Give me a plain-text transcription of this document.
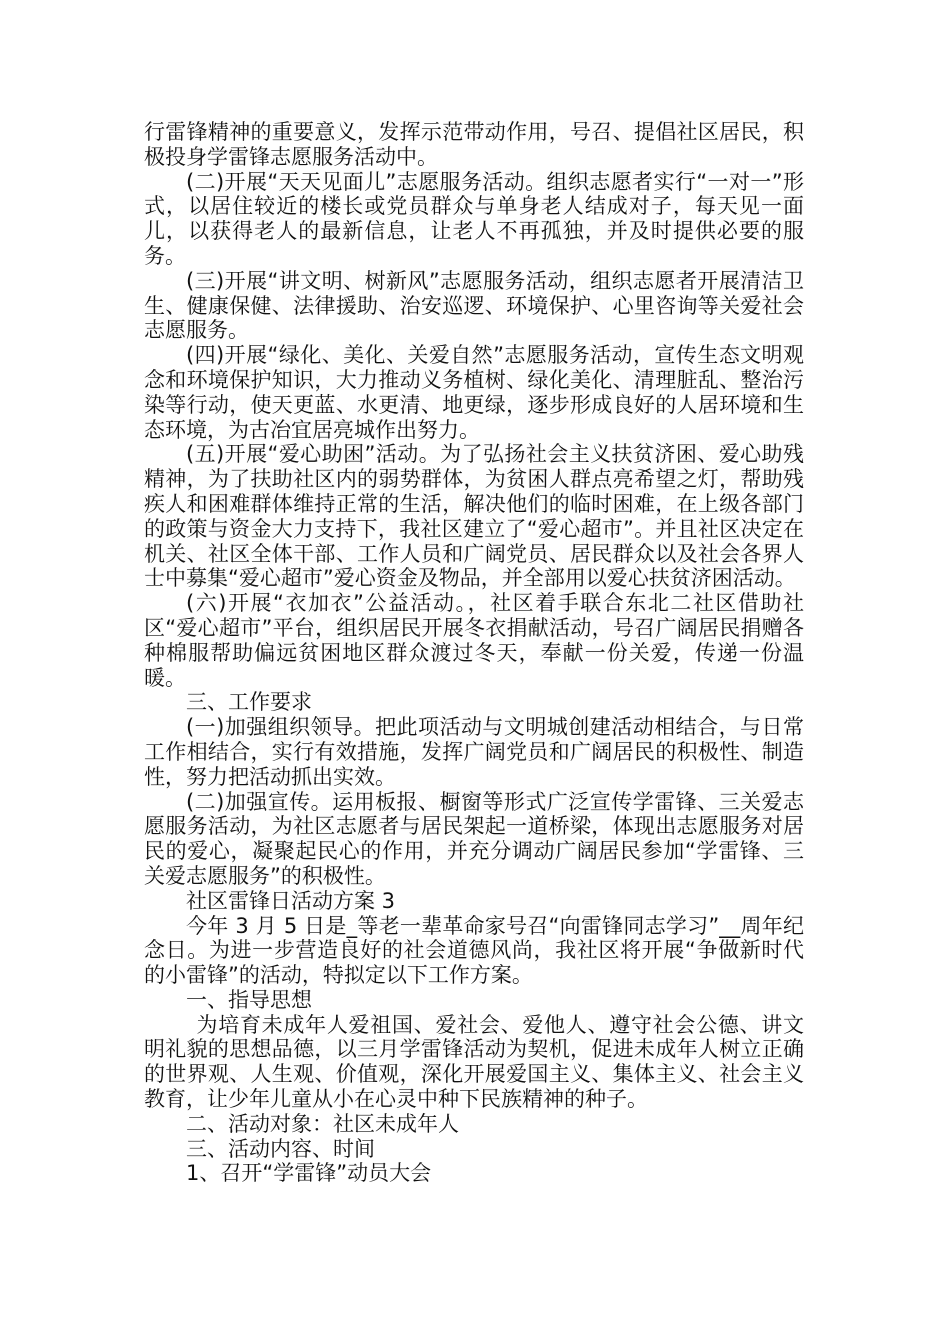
行雷锋精神的重要意义，发挥示范带动作用，号召、提倡社区居民，积极投身学雷锋志愿服务活动中。

(二)开展“天天见面儿”志愿服务活动。组织志愿者实行“一对一”形式，以居住较近的楼长或党员群众与单身老人结成对子，每天见一面儿，以获得老人的最新信息，让老人不再孤独，并及时提供必要的服务。

(三)开展“讲文明、树新风”志愿服务活动，组织志愿者开展清洁卫生、健康保健、法律援助、治安巡逻、环境保护、心里咨询等关爱社会志愿服务。

(四)开展“绿化、美化、关爱自然”志愿服务活动，宣传生态文明观念和环境保护知识，大力推动义务植树、绿化美化、清理脏乱、整治污染等行动，使天更蓝、水更清、地更绿，逐步形成良好的人居环境和生态环境，为古冶宜居亮城作出努力。

(五)开展“爱心助困”活动。为了弘扬社会主义扶贫济困、爱心助残精神，为了扶助社区内的弱势群体，为贫困人群点亮希望之灯，帮助残疾人和困难群体维持正常的生活，解决他们的临时困难，在上级各部门的政策与资金大力支持下，我社区建立了“爱心超市”。并且社区决定在机关、社区全体干部、工作人员和广阔党员、居民群众以及社会各界人士中募集“爱心超市”爱心资金及物品，并全部用以爱心扶贫济困活动。

(六)开展“衣加衣”公益活动。，社区着手联合东北二社区借助社区“爱心超市”平台，组织居民开展冬衣捐献活动，号召广阔居民捐赠各种棉服帮助偏远贫困地区群众渡过冬天，奉献一份关爱，传递一份温暖。

三、工作要求

(一)加强组织领导。把此项活动与文明城创建活动相结合，与日常工作相结合，实行有效措施，发挥广阔党员和广阔居民的积极性、制造性，努力把活动抓出实效。

(二)加强宣传。运用板报、橱窗等形式广泛宣传学雷锋、三关爱志愿服务活动，为社区志愿者与居民架起一道桥梁，体现出志愿服务对居民的爱心，凝聚起民心的作用，并充分调动广阔居民参加“学雷锋、三关爱志愿服务”的积极性。

社区雷锋日活动方案 3

今年 3 月 5 日是_等老一辈革命家号召“向雷锋同志学习”__周年纪念日。为进一步营造良好的社会道德风尚，我社区将开展“争做新时代的小雷锋”的活动，特拟定以下工作方案。

一、指导思想

为培育未成年人爱祖国、爱社会、爱他人、遵守社会公德、讲文明礼貌的思想品德，以三月学雷锋活动为契机，促进未成年人树立正确的世界观、人生观、价值观，深化开展爱国主义、集体主义、社会主义教育，让少年儿童从小在心灵中种下民族精神的种子。

二、活动对象：社区未成年人

三、活动内容、时间

1、召开“学雷锋”动员大会
